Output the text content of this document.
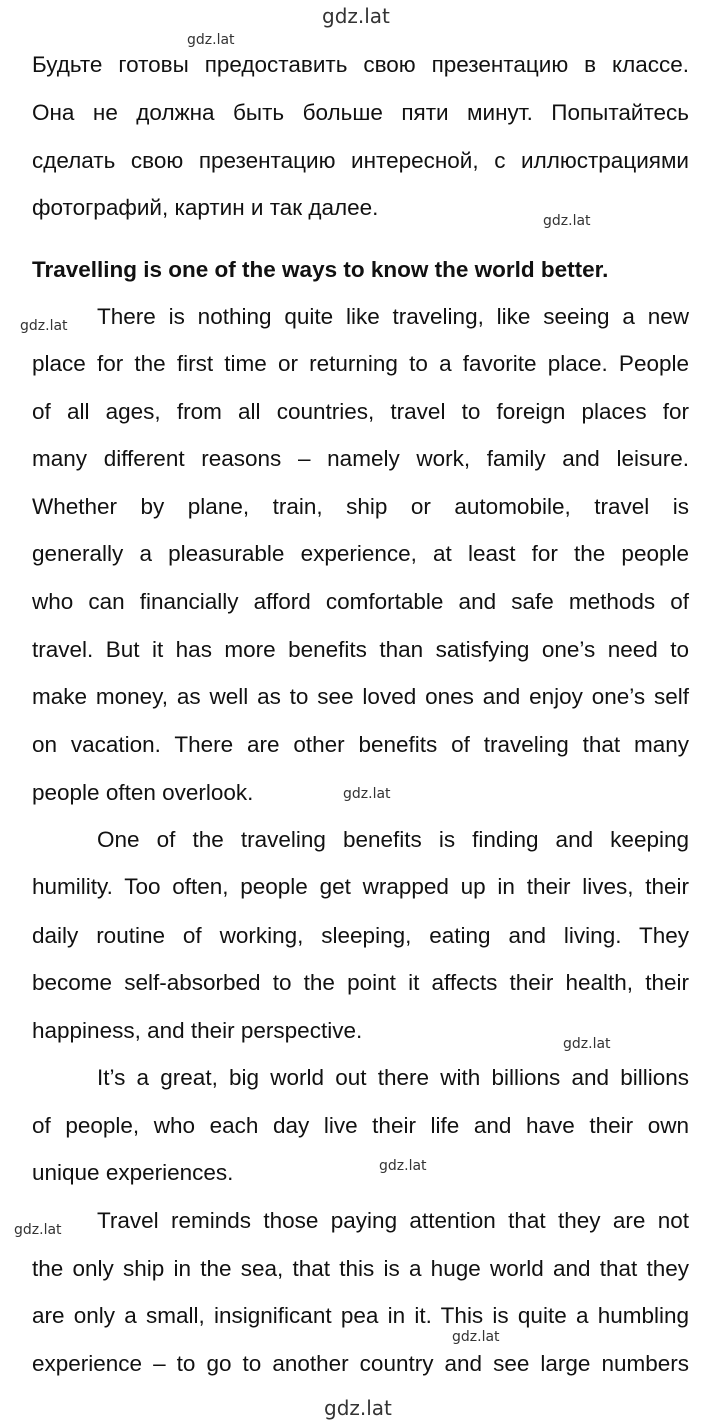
gdz.lat
gdz.lat
gdz.lat
gdz.lat
gdz.lat
gdz.lat
gdz.lat
gdz.lat
gdz.lat
gdz.lat
Будьте готовы предоставить свою презентацию в классе.
Она не должна быть больше пяти минут. Попытайтесь
сделать свою презентацию интересной, с иллюстрациями
фотографий, картин и так далее.
Travelling is one of the ways to know the world better.
There is nothing quite like traveling, like seeing a new
place for the first time or returning to a favorite place. People
of all ages, from all countries, travel to foreign places for
many different reasons – namely work, family and leisure.
Whether by plane, train, ship or automobile, travel is
generally a pleasurable experience, at least for the people
who can financially afford comfortable and safe methods of
travel. But it has more benefits than satisfying one’s need to
make money, as well as to see loved ones and enjoy one’s self
on vacation. There are other benefits of traveling that many
people often overlook.
One of the traveling benefits is finding and keeping
humility. Too often, people get wrapped up in their lives, their
daily routine of working, sleeping, eating and living. They
become self-absorbed to the point it affects their health, their
happiness, and their perspective.
It’s a great, big world out there with billions and billions
of people, who each day live their life and have their own
unique experiences.
Travel reminds those paying attention that they are not
the only ship in the sea, that this is a huge world and that they
are only a small, insignificant pea in it. This is quite a humbling
experience – to go to another country and see large numbers
